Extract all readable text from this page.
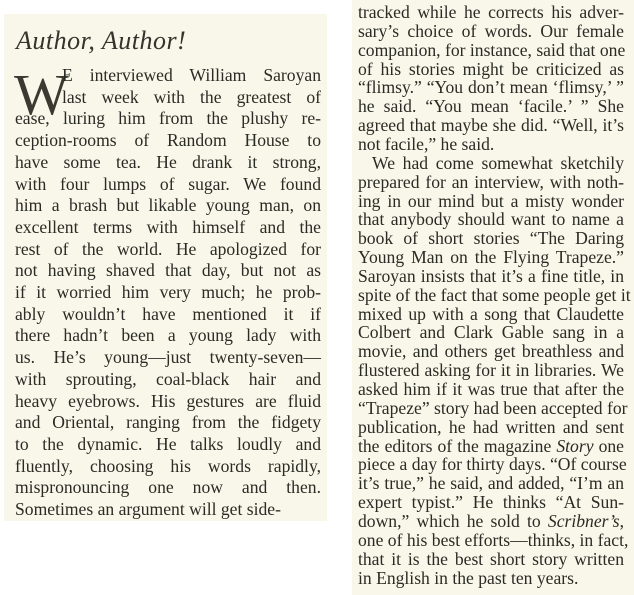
Author, Author!
W
E interviewed William Saroyan
last week with the greatest of
ease, luring him from the plushy re-
ception-rooms of Random House to
have some tea. He drank it strong,
with four lumps of sugar. We found
him a brash but likable young man, on
excellent terms with himself and the
rest of the world. He apologized for
not having shaved that day, but not as
if it worried him very much; he prob-
ably wouldn’t have mentioned it if
there hadn’t been a young lady with
us. He’s young—just twenty-seven—
with sprouting, coal-black hair and
heavy eyebrows. His gestures are fluid
and Oriental, ranging from the fidgety
to the dynamic. He talks loudly and
fluently, choosing his words rapidly,
mispronouncing one now and then.
Sometimes an argument will get side-
tracked while he corrects his adver-
sary’s choice of words. Our female
companion, for instance, said that one
of his stories might be criticized as
“flimsy.” “You don’t mean ‘flimsy,’ ”
he said. “You mean ‘facile.’ ” She
agreed that maybe she did. “Well, it’s
not facile,” he said.
We had come somewhat sketchily
prepared for an interview, with noth-
ing in our mind but a misty wonder
that anybody should want to name a
book of short stories “The Daring
Young Man on the Flying Trapeze.”
Saroyan insists that it’s a fine title, in
spite of the fact that some people get it
mixed up with a song that Claudette
Colbert and Clark Gable sang in a
movie, and others get breathless and
flustered asking for it in libraries. We
asked him if it was true that after the
“Trapeze” story had been accepted for
publication, he had written and sent
the editors of the magazine Story one
piece a day for thirty days. “Of course
it’s true,” he said, and added, “I’m an
expert typist.” He thinks “At Sun-
down,” which he sold to Scribner’s,
one of his best efforts—thinks, in fact,
that it is the best short story written
in English in the past ten years.
